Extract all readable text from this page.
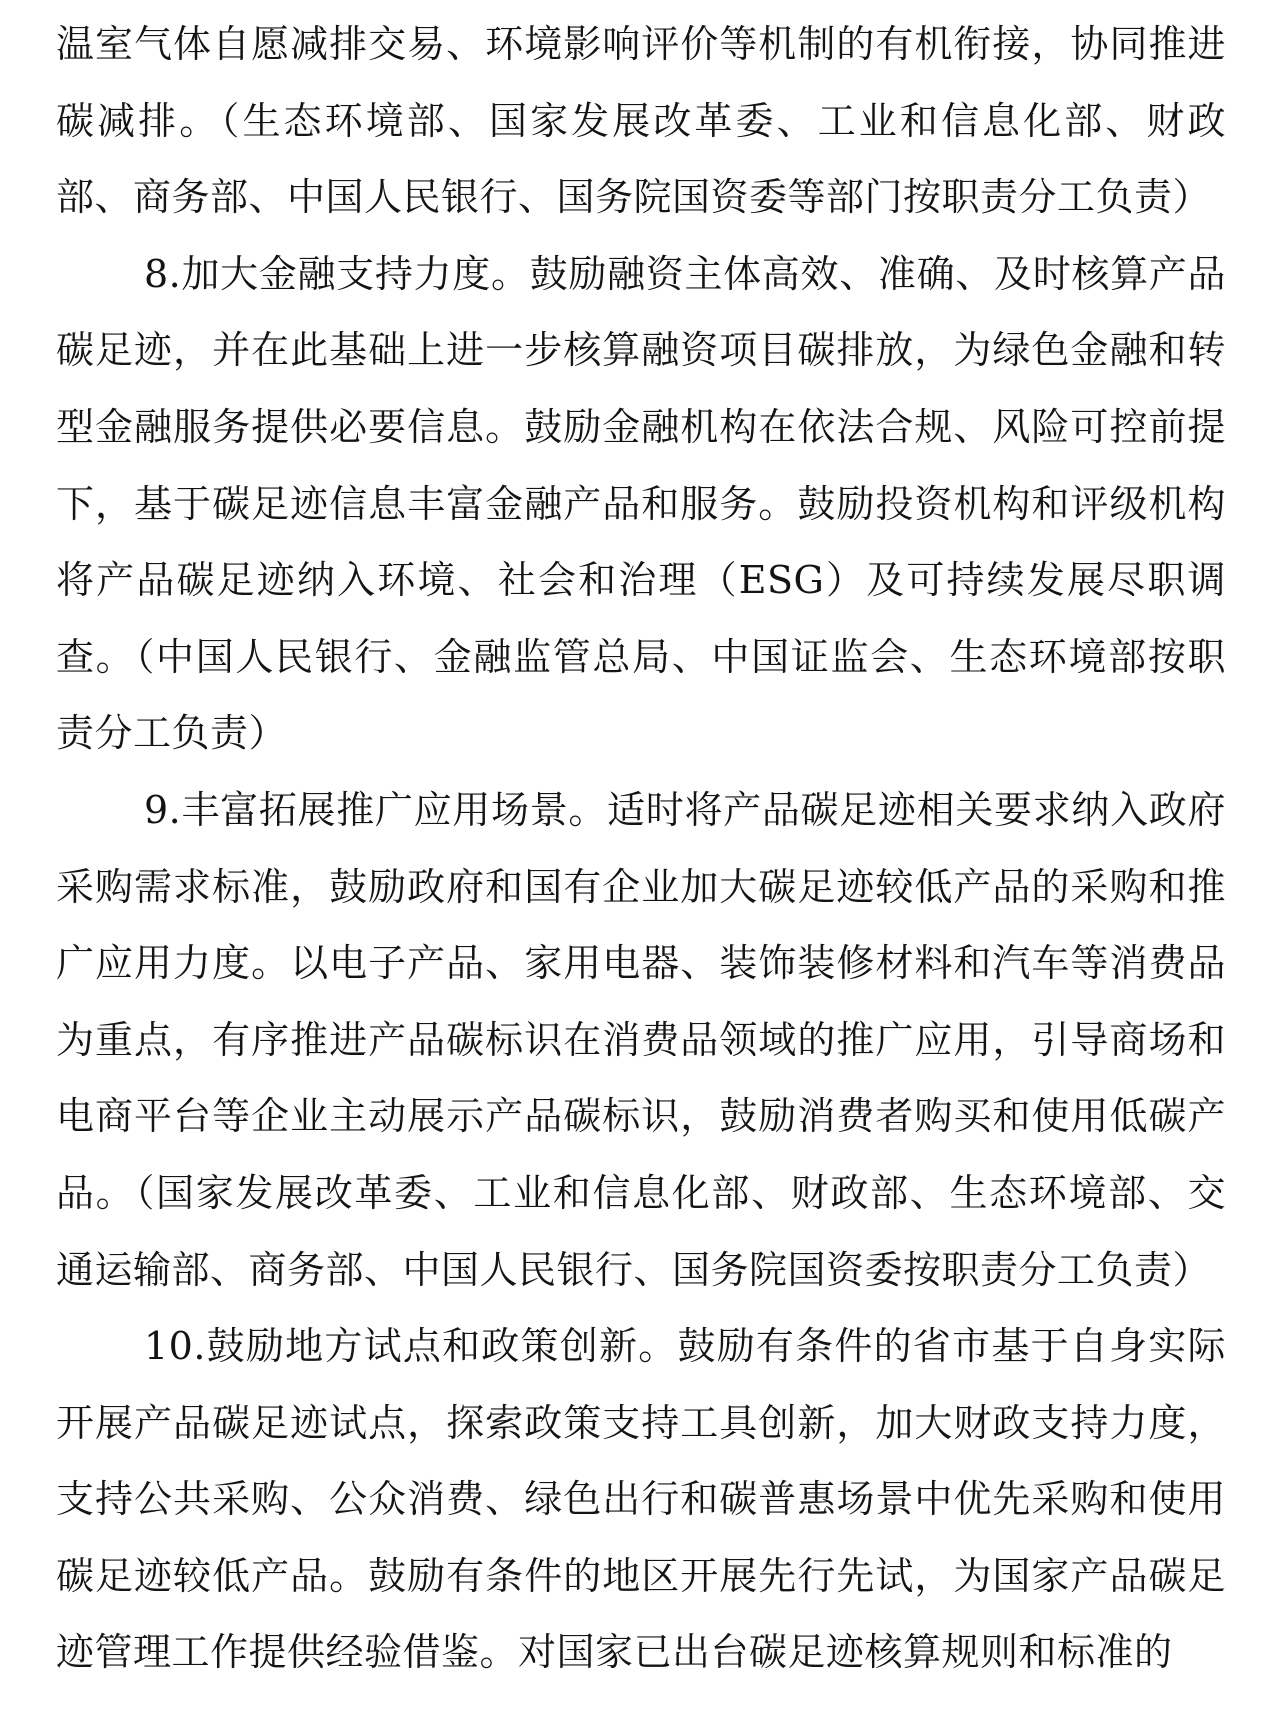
温室气体自愿减排交易、环境影响评价等机制的有机衔接，协同推进碳减排。（生态环境部、国家发展改革委、工业和信息化部、财政部、商务部、中国人民银行、国务院国资委等部门按职责分工负责）

8.加大金融支持力度。鼓励融资主体高效、准确、及时核算产品碳足迹，并在此基础上进一步核算融资项目碳排放，为绿色金融和转型金融服务提供必要信息。鼓励金融机构在依法合规、风险可控前提下，基于碳足迹信息丰富金融产品和服务。鼓励投资机构和评级机构将产品碳足迹纳入环境、社会和治理（ESG）及可持续发展尽职调查。（中国人民银行、金融监管总局、中国证监会、生态环境部按职责分工负责）

9.丰富拓展推广应用场景。适时将产品碳足迹相关要求纳入政府采购需求标准，鼓励政府和国有企业加大碳足迹较低产品的采购和推广应用力度。以电子产品、家用电器、装饰装修材料和汽车等消费品为重点，有序推进产品碳标识在消费品领域的推广应用，引导商场和电商平台等企业主动展示产品碳标识，鼓励消费者购买和使用低碳产品。（国家发展改革委、工业和信息化部、财政部、生态环境部、交通运输部、商务部、中国人民银行、国务院国资委按职责分工负责）

10.鼓励地方试点和政策创新。鼓励有条件的省市基于自身实际开展产品碳足迹试点，探索政策支持工具创新，加大财政支持力度，支持公共采购、公众消费、绿色出行和碳普惠场景中优先采购和使用碳足迹较低产品。鼓励有条件的地区开展先行先试，为国家产品碳足迹管理工作提供经验借鉴。对国家已出台碳足迹核算规则和标准的
